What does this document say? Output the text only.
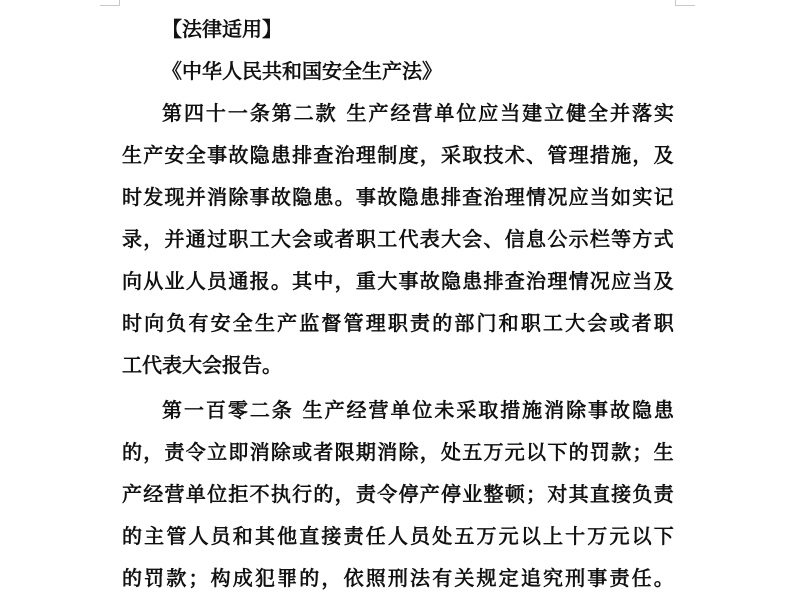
【法律适用】
《中华人民共和国安全生产法》
第 四 十 一 条 第 二 款
生 产 经 营 单 位 应 当 建 立 健 全 并 落 实
生 产 安 全 事 故 隐 患 排 查 治 理 制 度 ， 采 取 技 术 、 管 理 措 施 ， 及
时 发 现 并 消 除 事 故 隐 患 。 事 故 隐 患 排 查 治 理 情 况 应 当 如 实 记
录 ， 并 通 过 职 工 大 会 或 者 职 工 代 表 大 会 、 信 息 公 示 栏 等 方 式
向 从 业 人 员 通 报 。 其 中 ， 重 大 事 故 隐 患 排 查 治 理 情 况 应 当 及
时 向 负 有 安 全 生 产 监 督 管 理 职 责 的 部 门 和 职 工 大 会 或 者 职
工代表大会报告。
第 一 百 零 二 条
生 产 经 营 单 位 未 采 取 措 施 消 除 事 故 隐 患
的 ， 责 令 立 即 消 除 或 者 限 期 消 除 ， 处 五 万 元 以 下 的 罚 款 ； 生
产 经 营 单 位 拒 不 执 行 的 ， 责 令 停 产 停 业 整 顿 ； 对 其 直 接 负 责
的 主 管 人 员 和 其 他 直 接 责 任 人 员 处 五 万 元 以 上 十 万 元 以 下
的 罚 款 ； 构 成 犯 罪 的 ， 依 照 刑 法 有 关 规 定 追 究 刑 事 责 任 。
